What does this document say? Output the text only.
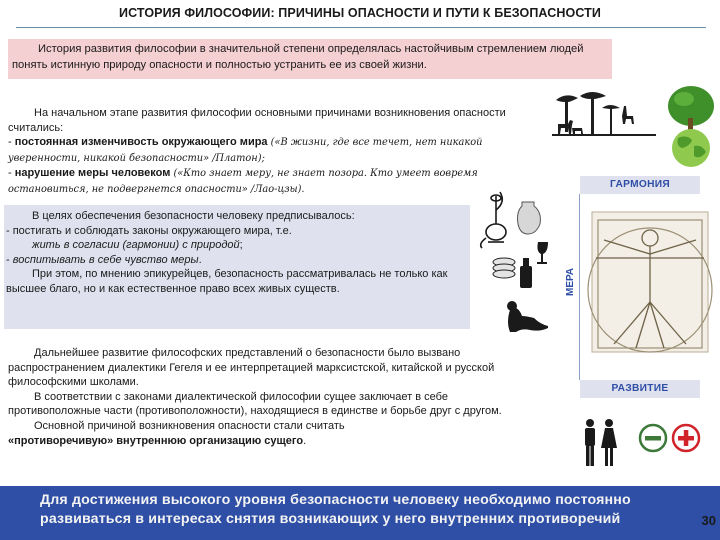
ИСТОРИЯ ФИЛОСОФИИ: ПРИЧИНЫ ОПАСНОСТИ И ПУТИ К БЕЗОПАСНОСТИ
История развития философии в значительной степени определялась настойчивым стремлением людей понять истинную природу опасности и полностью устранить ее из своей жизни.
На начальном этапе развития философии основными причинами возникновения опасности считались:
- постоянная изменчивость окружающего мира («В жизни, где все течет, нет никакой уверенности, никакой безопасности» /Платон);
- нарушение меры человеком («Кто знает меру, не знает позора. Кто умеет вовремя остановиться, не подвергнется опасности» /Лао-цзы).
В целях обеспечения безопасности человеку предписывалось:
- постигать и соблюдать законы окружающего мира, т.е.
жить в согласии (гармонии) с природой;
- воспитывать в себе чувство меры.
При этом, по мнению эпикурейцев, безопасность рассматривалась не только как высшее благо, но и как естественное право всех живых существ.
Дальнейшее развитие философских представлений о безопасности было вызвано распространением диалектики Гегеля и ее интерпретацией марксистской, китайской и русской философскими школами.
В соответствии с законами диалектической философии сущее заключает в себе противоположные части (противоположности), находящиеся в единстве и борьбе друг с другом.
Основной причиной возникновения опасности стали считать
«противоречивую» внутреннюю организацию сущего.
ГАРМОНИЯ
МЕРА
РАЗВИТИЕ
Для достижения высокого уровня безопасности человеку необходимо постоянно развиваться в интересах снятия возникающих у него внутренних противоречий	30
